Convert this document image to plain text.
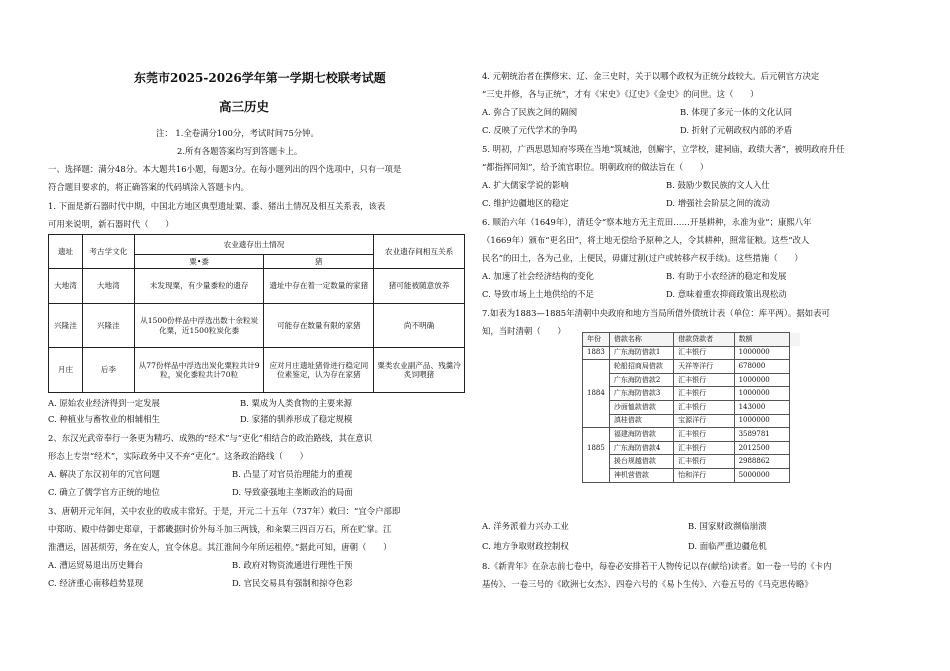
东莞市2025-2026学年第一学期七校联考试题
高三历史
注： 1.全卷满分100分，考试时间75分钟。
2.所有各题答案均写到答题卡上。
一、选择题：满分48分。本大题共16小题，每题3分。在每小题列出的四个选项中，只有一项是
符合题目要求的，将正确答案的代码填涂入答题卡内。
1. 下面是新石器时代中期，中国北方地区典型遗址粟、黍、猪出土情况及相互关系表，该表
可用来说明，新石器时代（　　）
遗址	考古学文化	农业遗存出土情况		农业遗存间相互关系
		粟•黍	猪	
大地湾	大地湾	未发现粟，有少量黍粒的遗存	遗址中存在着一定数量的家猪	猪可能被随意放养
兴隆洼	兴隆洼	从1500份样品中浮选出数十余粒炭化粟，近1500粒炭化黍	可能存在数量有限的家猪	尚不明确
月庄	后李	从77份样品中浮选出炭化粟粒共计9粒，炭化黍粒共计70粒	应对月庄遗址猪骨进行稳定同位素鉴定，认为存在家猪	粟类农业副产品、残羹冷炙饲喂猪
A. 原始农业经济得到一定发展	B. 粟成为人类食物的主要来源
C. 种植业与畜牧业的相辅相生	D. 家猪的驯养形成了稳定规模
2、东汉光武帝奉行一条更为精巧、成熟的“经术”与“吏化”相结合的政治路线，其在意识
形态上专崇“经术”，实际政务中又不弃“吏化”。这条政治路线（　　）
A. 解决了东汉初年的冗官问题	B. 凸显了对官员治理能力的重视
C. 确立了儒学官方正统的地位	D. 导致豪强地主垄断政治的局面
3、唐朝开元年间，关中农业的收成丰常好。于是，开元二十五年（737年）敕曰：“宜令户部即
中郑昉、殿中侍御史郑章，于都畿据时价外每斗加三两钱，和籴粟三四百万石，所在贮掌。江
淮漕运，固甚烦劳，务在安人，宜令休息。其江淮间今年所运租停。”据此可知，唐朝（　　）
A. 漕运贸易退出历史舞台	B. 政府对物资流通进行理性干预
C. 经济重心南移趋势显现	D. 官民交易具有强制和掠夺色彩
4. 元朝统治者在撰修宋、辽、金三史时，关于以哪个政权为正统分歧较大。后元朝官方决定
“三史并修，各与正统”，才有《宋史》《辽史》《金史》的问世。这（　　）
A. 弥合了民族之间的隔阂	B. 体现了多元一体的文化认同
C. 反映了元代学术的争鸣	D. 折射了元朝政权内部的矛盾
5. 明初，广西思恩知府岑瑛在当地“筑城池，创廨宇，立学校，建祠庙，政绩大著”，被明政府升任
“都指挥同知”，给予流官职位。明朝政府的做法旨在（　　）
A. 扩大儒家学说的影响	B. 鼓励少数民族的文人入仕
C. 维护边疆地区的稳定	D. 增强社会阶层之间的流动
6. 顺治六年（1649年），清廷令“察本地方无主荒田……开垦耕种，永准为业”；康熙八年
（1669年）颁布“更名田”，将土地无偿给予原种之人，令其耕种，照常征粮。这些“改人
民名”的田土，各为己业，上便民，毋庸过割(过户或转移产权手续)。这些措施（　　）
A. 加速了社会经济结构的变化	B. 有助于小农经济的稳定和发展
C. 导致市场上土地供给的不足	D. 意味着重农抑商政策出现松动
7.如表为1883—1885年清朝中央政府和地方当局所借外债统计表（单位：库平两）。据如表可
知，当时清朝（　　）
年份	借款名称	借款贷款者	数额	
1883	广东海防借款1	汇丰银行	1000000	
	轮船招商局借款	天祥等洋行	678000	
	广东海防借款2	汇丰银行	1000000	
1884	广东海防借款3	汇丰银行	1000000	
	沙面恤款借款	汇丰银行	143000	
	滇桂借款	宝源洋行	1000000	
	福建海防借款	汇丰银行	3589781	
1885	广东海防借款4	汇丰银行	2012500	
	援台规越借款	汇丰银行	2988862	
	神机营借款	怡和洋行	5000000	
A. 洋务派着力兴办工业	B. 国家财政濒临崩溃
C. 地方争取财政控制权	D. 面临严重边疆危机
8.《新青年》在杂志前七卷中，每卷必安排若干人物传记以存(献给)读者。如一卷一号的《卡内
基传》、一卷三号的《欧洲七女杰》、四卷六号的《易卜生传》、六卷五号的《马克思传略》
